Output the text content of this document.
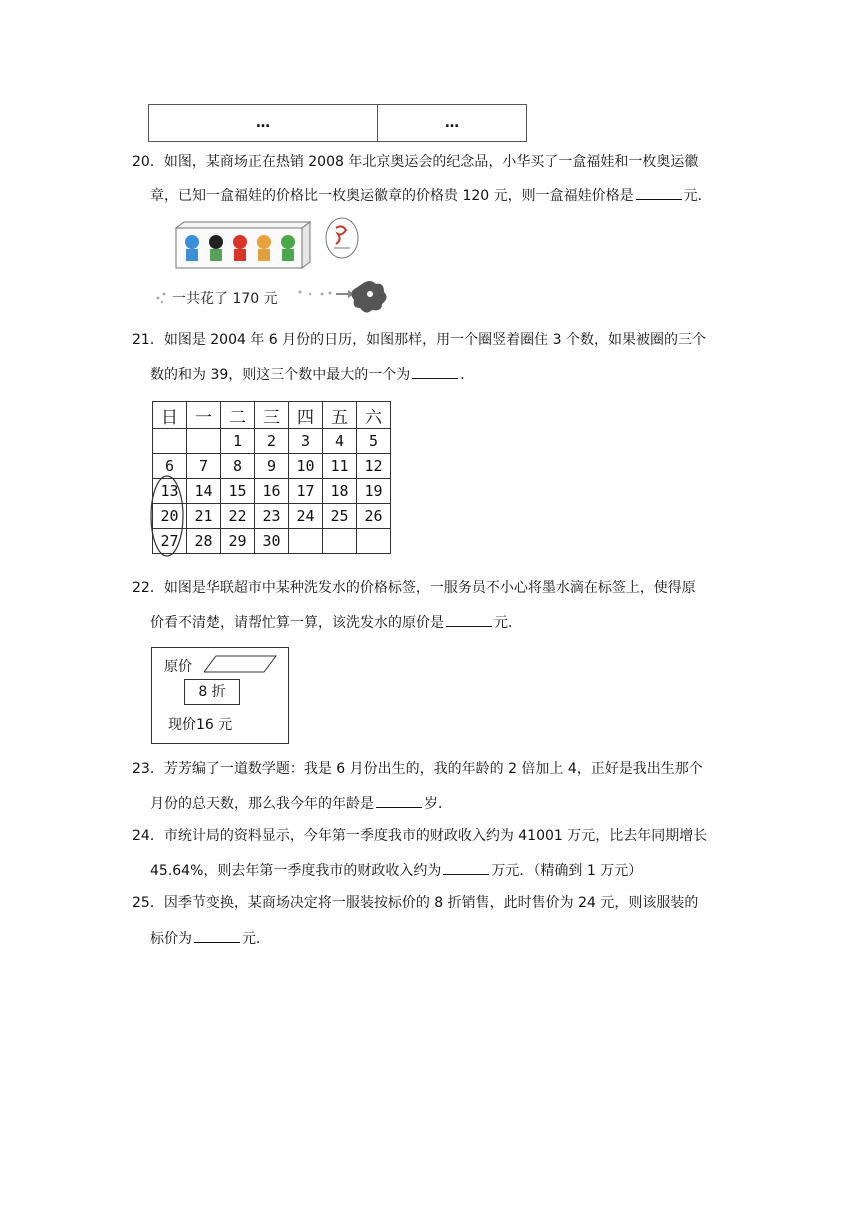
…	…
20．如图，某商场正在热销 2008 年北京奥运会的纪念品，小华买了一盒福娃和一枚奥运徽
章，已知一盒福娃的价格比一枚奥运徽章的价格贵 120 元，则一盒福娃价格是	元．
一共花了 170 元
21．如图是 2004 年 6 月份的日历，如图那样，用一个圈竖着圈住 3 个数，如果被圈的三个
数的和为 39，则这三个数中最大的一个为	．
日	一	二	三	四	五	六
		1	2	3	4	5
6	7	8	9	10	11	12
13	14	15	16	17	18	19
20	21	22	23	24	25	26
27	28	29	30			
22．如图是华联超市中某种洗发水的价格标签，一服务员不小心将墨水滴在标签上，使得原
价看不清楚，请帮忙算一算，该洗发水的原价是	元．
原价
8 折
现价16 元
23．芳芳编了一道数学题：我是 6 月份出生的，我的年龄的 2 倍加上 4，正好是我出生那个
月份的总天数，那么我今年的年龄是	岁．
24．市统计局的资料显示，今年第一季度我市的财政收入约为 41001 万元，比去年同期增长
45.64%，则去年第一季度我市的财政收入约为	万元．（精确到 1 万元）
25．因季节变换，某商场决定将一服装按标价的 8 折销售，此时售价为 24 元，则该服装的
标价为	元．
